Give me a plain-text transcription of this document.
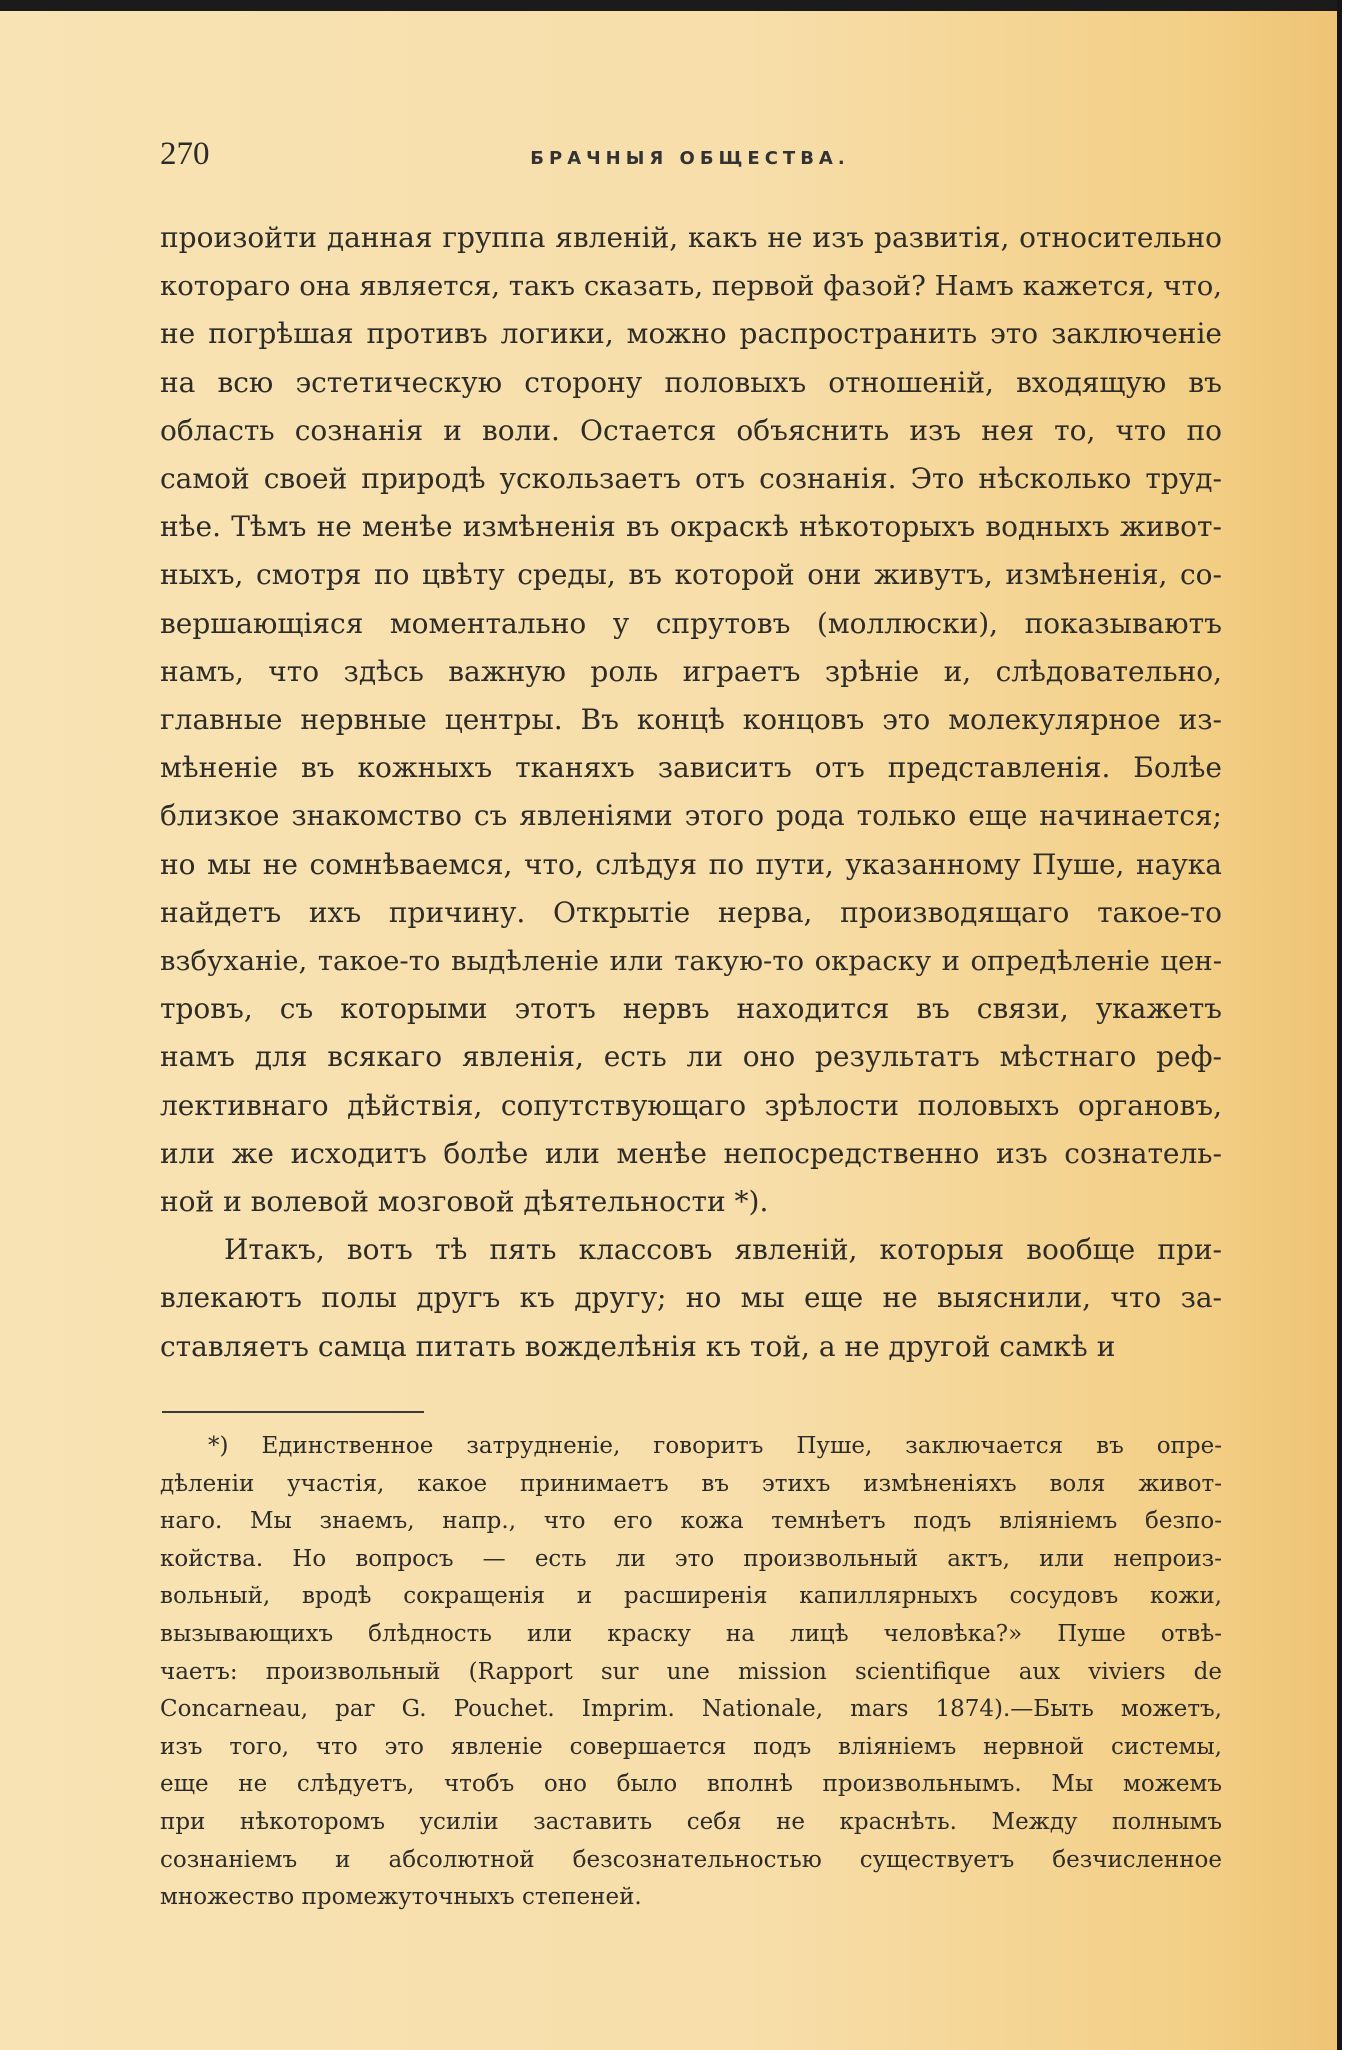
270	БРАЧНЫЯ ОБЩЕСТВА.
произойти данная группа явленій, какъ не изъ развитія, относительно
котораго она является, такъ сказать, первой фазой? Намъ кажется, что,
не погрѣшая противъ логики, можно распространить это заключеніе
на всю эстетическую сторону половыхъ отношеній, входящую въ
область сознанія и воли. Остается объяснить изъ нея то, что по
самой своей природѣ ускользаетъ отъ сознанія. Это нѣсколько труд-
нѣе. Тѣмъ не менѣе измѣненія въ окраскѣ нѣкоторыхъ водныхъ живот-
ныхъ, смотря по цвѣту среды, въ которой они живутъ, измѣненія, со-
вершающіяся моментально у спрутовъ (моллюски), показываютъ
намъ, что здѣсь важную роль играетъ зрѣніе и, слѣдовательно,
главные нервные центры. Въ концѣ концовъ это молекулярное из-
мѣненіе въ кожныхъ тканяхъ зависитъ отъ представленія. Болѣе
близкое знакомство съ явленіями этого рода только еще начинается;
но мы не сомнѣваемся, что, слѣдуя по пути, указанному Пуше, наука
найдетъ ихъ причину. Открытіе нерва, производящаго такое-то
взбуханіе, такое-то выдѣленіе или такую-то окраску и опредѣленіе цен-
тровъ, съ которыми этотъ нервъ находится въ связи, укажетъ
намъ для всякаго явленія, есть ли оно результатъ мѣстнаго реф-
лективнаго дѣйствія, сопутствующаго зрѣлости половыхъ органовъ,
или же исходитъ болѣе или менѣе непосредственно изъ сознатель-
ной и волевой мозговой дѣятельности *).
Итакъ, вотъ тѣ пять классовъ явленій, которыя вообще при-
влекаютъ полы другъ къ другу; но мы еще не выяснили, что за-
ставляетъ самца питать вожделѣнія къ той, а не другой самкѣ и
*) Единственное затрудненіе, говоритъ Пуше, заключается въ опре-
дѣленіи участія, какое принимаетъ въ этихъ измѣненіяхъ воля живот-
наго. Мы знаемъ, напр., что его кожа темнѣетъ подъ вліяніемъ безпо-
койства. Но вопросъ — есть ли это произвольный актъ, или непроиз-
вольный, вродѣ сокращенія и расширенія капиллярныхъ сосудовъ кожи,
вызывающихъ блѣдность или краску на лицѣ человѣка?» Пуше отвѣ-
чаетъ: произвольный (Rapport sur une mission scientifique aux viviers de
Concarneau, par G. Pouchet. Imprim. Nationale, mars 1874).—Быть можетъ,
изъ того, что это явленіе совершается подъ вліяніемъ нервной системы,
еще не слѣдуетъ, чтобъ оно было вполнѣ произвольнымъ. Мы можемъ
при нѣкоторомъ усиліи заставить себя не краснѣть. Между полнымъ
сознаніемъ и абсолютной безсознательностью существуетъ безчисленное
множество промежуточныхъ степеней.
